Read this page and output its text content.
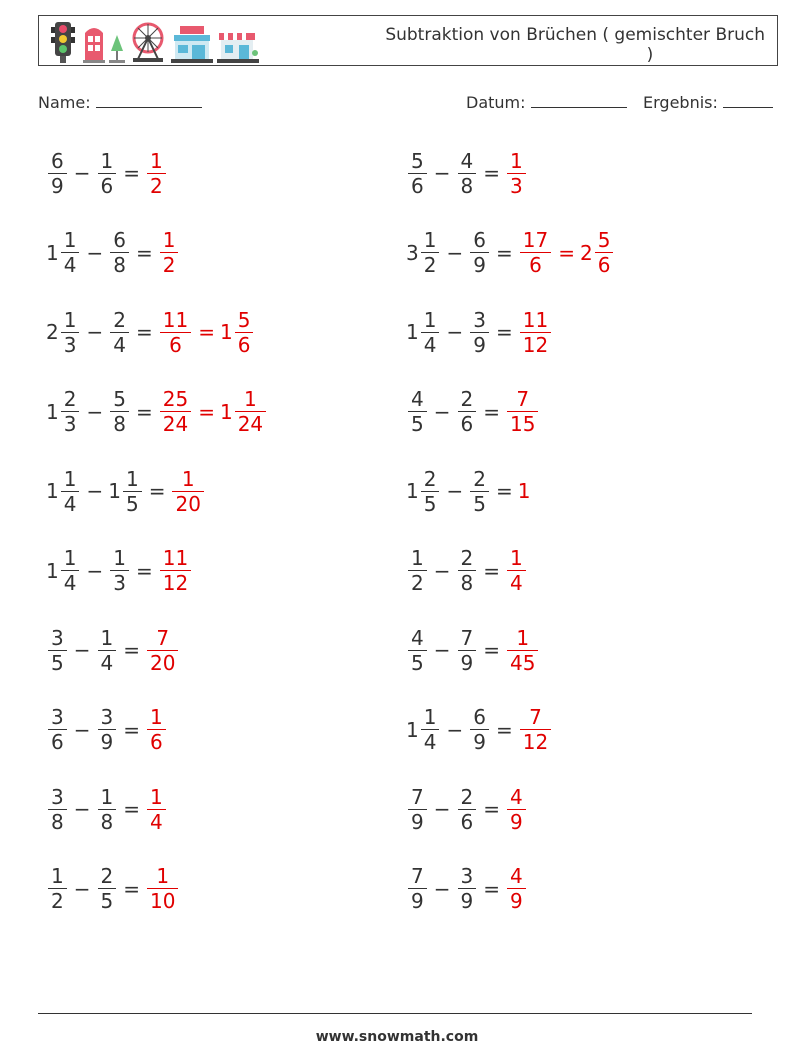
Subtraktion von Brüchen ( gemischter Bruch
)
Name:	Datum:	Ergebnis:
$\frac{6}{9} - \frac{1}{6} = \frac{1}{2}$
$1 \frac{1}{4} - \frac{6}{8} = \frac{1}{2}$
$2 \frac{1}{3} - \frac{2}{4} = \frac{11}{6} = 1 \frac{5}{6}$
$1 \frac{2}{3} - \frac{5}{8} = \frac{25}{24} = 1 \frac{1}{24}$
$1 \frac{1}{4} - 1 \frac{1}{5} = \frac{1}{20}$
$1 \frac{1}{4} - \frac{1}{3} = \frac{11}{12}$
$\frac{3}{5} - \frac{1}{4} = \frac{7}{20}$
$\frac{3}{6} - \frac{3}{9} = \frac{1}{6}$
$\frac{3}{8} - \frac{1}{8} = \frac{1}{4}$
$\frac{1}{2} - \frac{2}{5} = \frac{1}{10}$
$\frac{5}{6} - \frac{4}{8} = \frac{1}{3}$
$3 \frac{1}{2} - \frac{6}{9} = \frac{17}{6} = 2 \frac{5}{6}$
$1 \frac{1}{4} - \frac{3}{9} = \frac{11}{12}$
$\frac{4}{5} - \frac{2}{6} = \frac{7}{15}$
$1 \frac{2}{5} - \frac{2}{5} = 1$
$\frac{1}{2} - \frac{2}{8} = \frac{1}{4}$
$\frac{4}{5} - \frac{7}{9} = \frac{1}{45}$
$1 \frac{1}{4} - \frac{6}{9} = \frac{7}{12}$
$\frac{7}{9} - \frac{2}{6} = \frac{4}{9}$
$\frac{7}{9} - \frac{3}{9} = \frac{4}{9}$
www.snowmath.com
